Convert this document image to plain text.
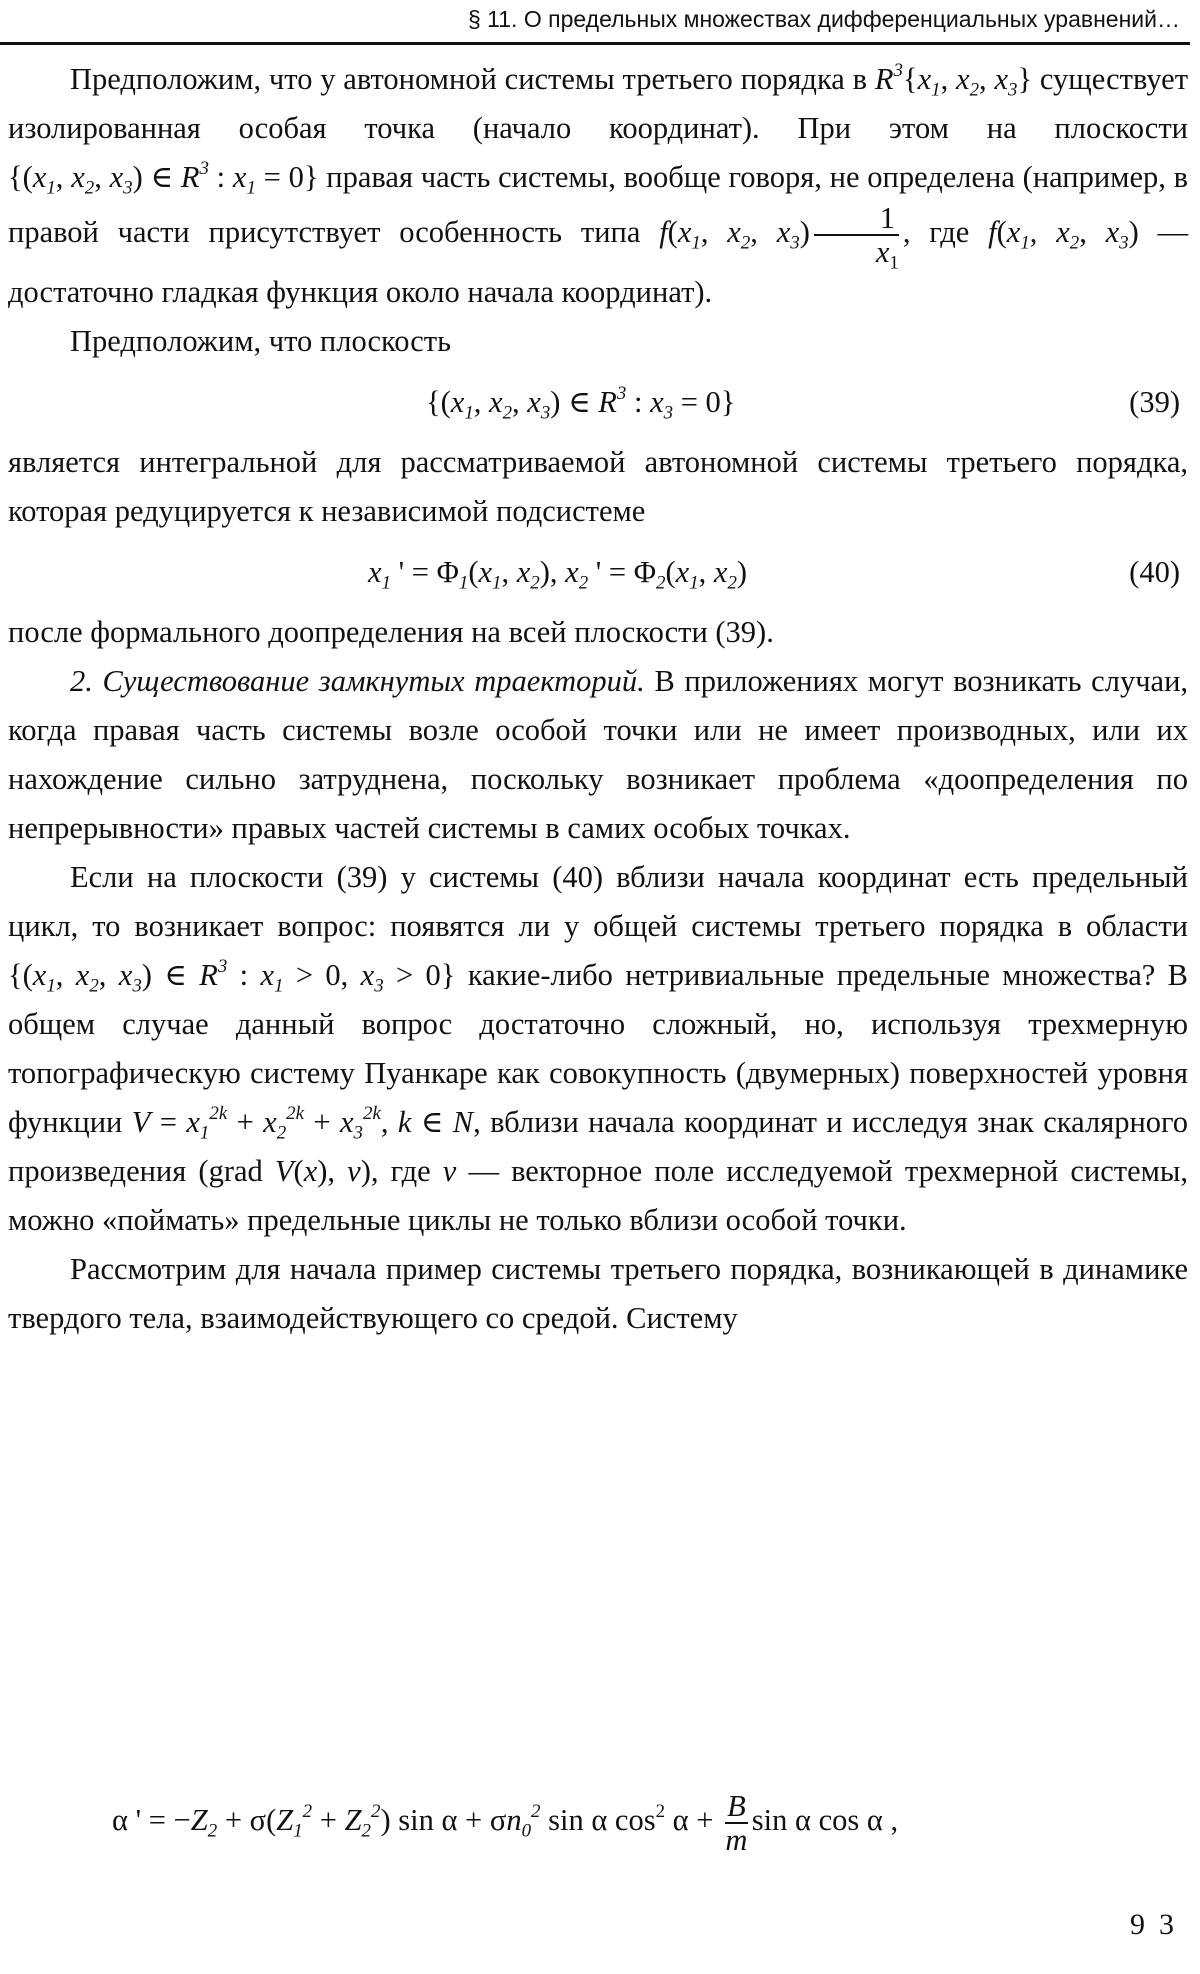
§ 11. О предельных множествах дифференциальных уравнений…

Предположим, что у автономной системы третьего порядка в $R^3\{x_1$, $x_2$, $x_3$} существует изолированная особая точка (начало координат). При этом на плоскости {($x_1$, $x_2$, $x_3$) ∈ $R^3$ : $x_1 = 0$} правая часть системы, вообще говоря, не определена (например, в правой части присутствует особенность типа $f(x_1$, $x_2$, $x_3) \frac{1}{x_1}$ , где $f(x_1$, $x_2$, $x_3$) — достаточно гладкая функция около начала координат).

Предположим, что плоскость

{($x_1$, $x_2$, $x_3$) ∈ $R^3$ : $x_3 = 0$}	(39)

является интегральной для рассматриваемой автономной системы третьего порядка, которая редуцируется к независимой подсистеме

$x_1$ ' = $\Phi_1(x_1$, $x_2$), $x_2$ ' = $\Phi_2(x_1$, $x_2$)	(40)

после формального доопределения на всей плоскости (39).

2. Существование замкнутых траекторий. В приложениях могут возникать случаи, когда правая часть системы возле особой точки или не имеет производных, или их нахождение сильно затруднена, поскольку возникает проблема «доопределения по непрерывности» правых частей системы в самих особых точках.

Если на плоскости (39) у системы (40) вблизи начала координат есть предельный цикл, то возникает вопрос: появятся ли у общей системы третьего порядка в области {($x_1$, $x_2$, $x_3$) ∈ $R^3$ : $x_1 > 0$, $x_3 > 0$} какие-либо нетривиальные предельные множества? В общем случае данный вопрос достаточно сложный, но, используя трехмерную топографическую систему Пуанкаре как совокупность (двумерных) поверхностей уровня функции $V = x_1^{2k} + x_2^{2k} + x_3^{2k}$, k ∈ N, вблизи начала координат и исследуя знак скалярного произведения (grad V(x), v), где v — векторное поле исследуемой трехмерной системы, можно «поймать» предельные циклы не только вблизи особой точки.

Рассмотрим для начала пример системы третьего порядка, возникающей в динамике твердого тела, взаимодействующего со средой. Систему

α ' = $-Z_2 + \sigma(Z_1^2 + Z_2^2)$ $\sin \alpha + \sigma n_0^2$ sin α $\cos^2 \alpha + \frac{B}{m}$ sin α cos α ,
93
